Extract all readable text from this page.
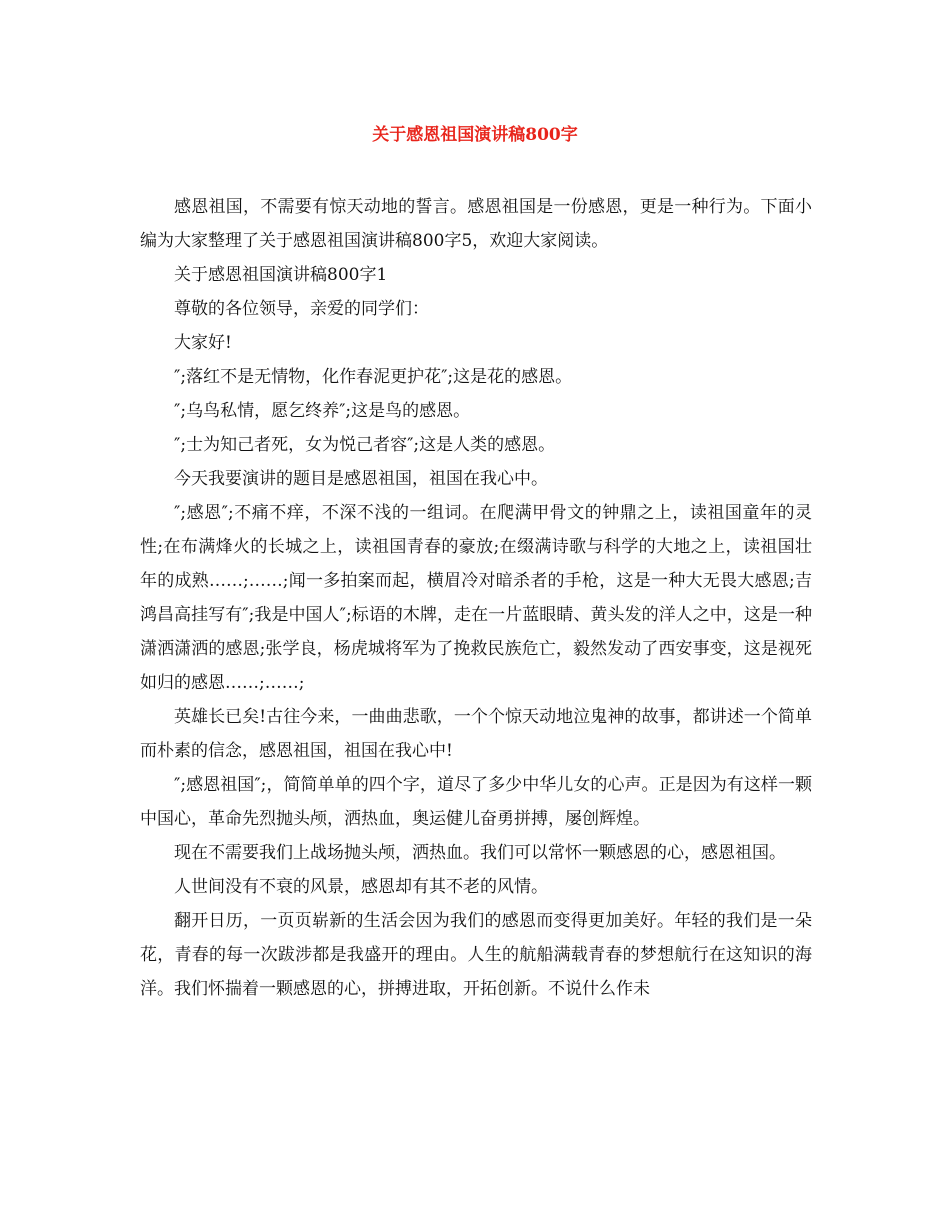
关于感恩祖国演讲稿800字

感恩祖国，不需要有惊天动地的誓言。感恩祖国是一份感恩，更是一种行为。下面小编为大家整理了关于感恩祖国演讲稿800字5，欢迎大家阅读。

关于感恩祖国演讲稿800字1

尊敬的各位领导，亲爱的同学们：

大家好!

″;落红不是无情物，化作春泥更护花″;这是花的感恩。

″;乌鸟私情，愿乞终养″;这是鸟的感恩。

″;士为知己者死，女为悦己者容″;这是人类的感恩。

今天我要演讲的题目是感恩祖国，祖国在我心中。

″;感恩″;不痛不痒，不深不浅的一组词。在爬满甲骨文的钟鼎之上，读祖国童年的灵性;在布满烽火的长城之上，读祖国青春的豪放;在缀满诗歌与科学的大地之上，读祖国壮年的成熟……;……;闻一多拍案而起，横眉冷对暗杀者的手枪，这是一种大无畏大感恩;吉鸿昌高挂写有″;我是中国人″;标语的木牌，走在一片蓝眼睛、黄头发的洋人之中，这是一种潇洒潇洒的感恩;张学良，杨虎城将军为了挽救民族危亡，毅然发动了西安事变，这是视死如归的感恩……;……;

英雄长已矣!古往今来，一曲曲悲歌，一个个惊天动地泣鬼神的故事，都讲述一个简单而朴素的信念，感恩祖国，祖国在我心中!

″;感恩祖国″;，简简单单的四个字，道尽了多少中华儿女的心声。正是因为有这样一颗中国心，革命先烈抛头颅，洒热血，奥运健儿奋勇拼搏，屡创辉煌。

现在不需要我们上战场抛头颅，洒热血。我们可以常怀一颗感恩的心，感恩祖国。

人世间没有不衰的风景，感恩却有其不老的风情。

翻开日历，一页页崭新的生活会因为我们的感恩而变得更加美好。年轻的我们是一朵花，青春的每一次跋涉都是我盛开的理由。人生的航船满载青春的梦想航行在这知识的海洋。我们怀揣着一颗感恩的心，拼搏进取，开拓创新。不说什么作未
